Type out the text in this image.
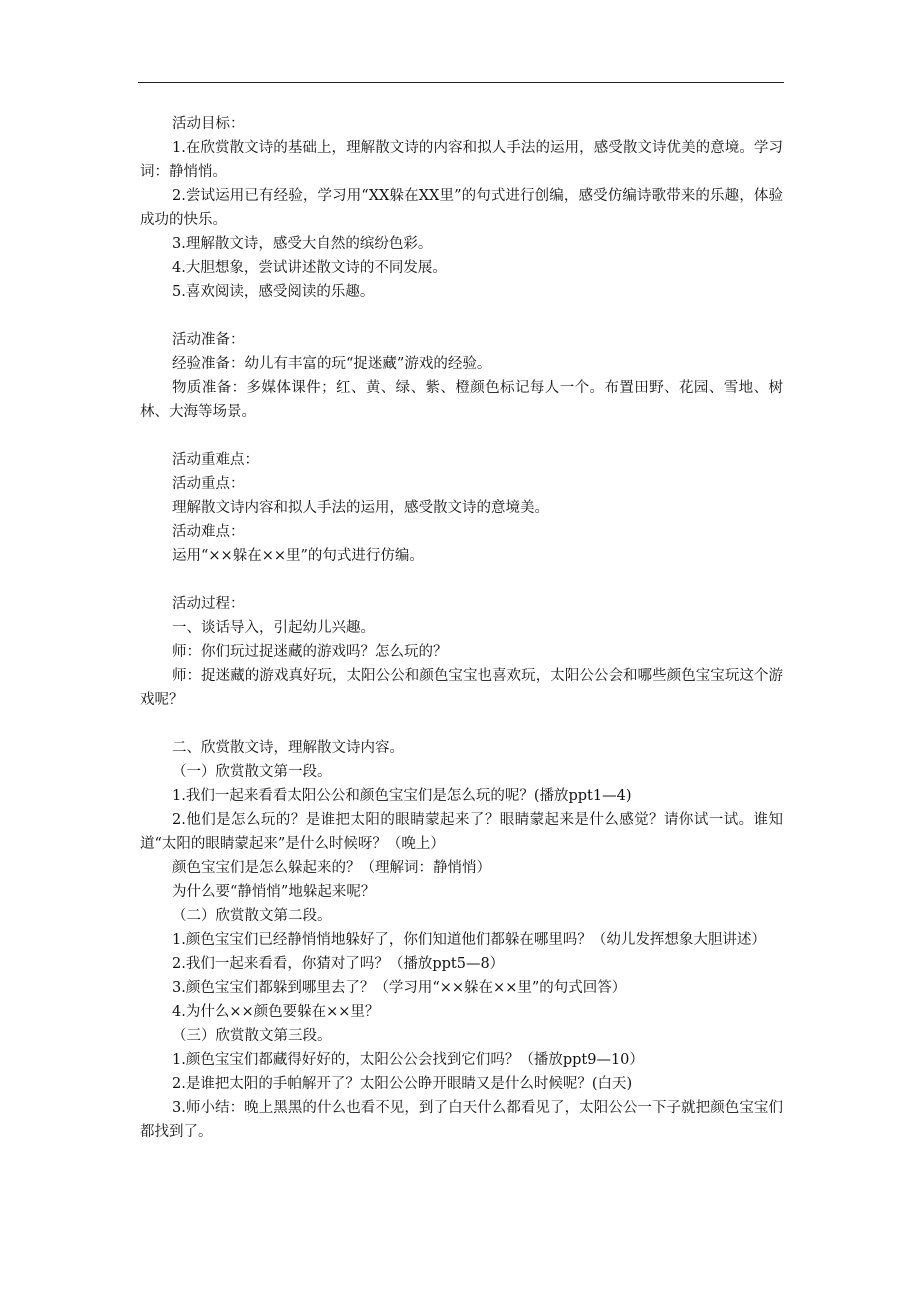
活动目标：

1.在欣赏散文诗的基础上，理解散文诗的内容和拟人手法的运用，感受散文诗优美的意境。学习词：静悄悄。

2.尝试运用已有经验，学习用“XX躲在XX里”的句式进行创编，感受仿编诗歌带来的乐趣，体验成功的快乐。

3.理解散文诗，感受大自然的缤纷色彩。

4.大胆想象，尝试讲述散文诗的不同发展。

5.喜欢阅读，感受阅读的乐趣。

活动准备：

经验准备：幼儿有丰富的玩“捉迷藏”游戏的经验。

物质准备：多媒体课件；红、黄、绿、紫、橙颜色标记每人一个。布置田野、花园、雪地、树林、大海等场景。

活动重难点：

活动重点：

理解散文诗内容和拟人手法的运用，感受散文诗的意境美。

活动难点：

运用“××躲在××里”的句式进行仿编。

活动过程：

一、谈话导入，引起幼儿兴趣。

师：你们玩过捉迷藏的游戏吗？怎么玩的？

师：捉迷藏的游戏真好玩，太阳公公和颜色宝宝也喜欢玩，太阳公公会和哪些颜色宝宝玩这个游戏呢？

二、欣赏散文诗，理解散文诗内容。

（一）欣赏散文第一段。

1.我们一起来看看太阳公公和颜色宝宝们是怎么玩的呢？(播放ppt1—4)

2.他们是怎么玩的？是谁把太阳的眼睛蒙起来了？眼睛蒙起来是什么感觉？请你试一试。谁知道“太阳的眼睛蒙起来”是什么时候呀？（晚上）

颜色宝宝们是怎么躲起来的？（理解词：静悄悄）

为什么要“静悄悄”地躲起来呢？

（二）欣赏散文第二段。

1.颜色宝宝们已经静悄悄地躲好了，你们知道他们都躲在哪里吗？（幼儿发挥想象大胆讲述）

2.我们一起来看看，你猜对了吗？（播放ppt5—8）

3.颜色宝宝们都躲到哪里去了？（学习用“××躲在××里”的句式回答）

4.为什么××颜色要躲在××里？

（三）欣赏散文第三段。

1.颜色宝宝们都藏得好好的，太阳公公会找到它们吗？（播放ppt9—10）

2.是谁把太阳的手帕解开了？太阳公公睁开眼睛又是什么时候呢？(白天)

3.师小结：晚上黑黑的什么也看不见，到了白天什么都看见了，太阳公公一下子就把颜色宝宝们都找到了。
